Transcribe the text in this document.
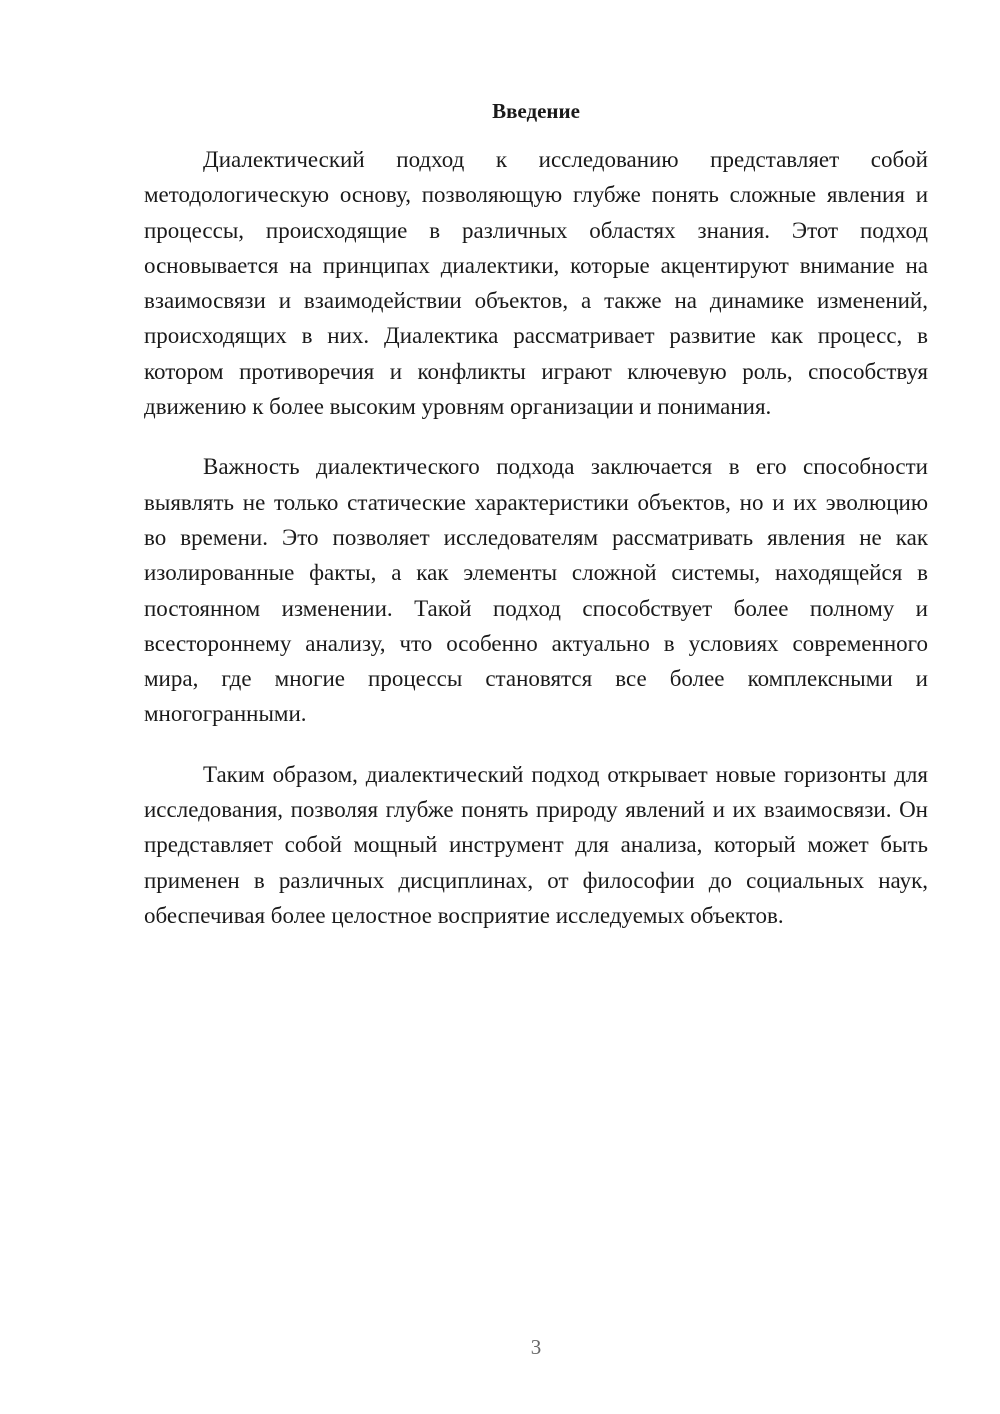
Введение

Диалектический подход к исследованию представляет собой методологическую основу, позволяющую глубже понять сложные явления и процессы, происходящие в различных областях знания. Этот подход основывается на принципах диалектики, которые акцентируют внимание на взаимосвязи и взаимодействии объектов, а также на динамике изменений, происходящих в них. Диалектика рассматривает развитие как процесс, в котором противоречия и конфликты играют ключевую роль, способствуя движению к более высоким уровням организации и понимания.

Важность диалектического подхода заключается в его способности выявлять не только статические характеристики объектов, но и их эволюцию во времени. Это позволяет исследователям рассматривать явления не как изолированные факты, а как элементы сложной системы, находящейся в постоянном изменении. Такой подход способствует более полному и всестороннему анализу, что особенно актуально в условиях современного мира, где многие процессы становятся все более комплексными и многогранными.

Таким образом, диалектический подход открывает новые горизонты для исследования, позволяя глубже понять природу явлений и их взаимосвязи. Он представляет собой мощный инструмент для анализа, который может быть применен в различных дисциплинах, от философии до социальных наук, обеспечивая более целостное восприятие исследуемых объектов.

3
